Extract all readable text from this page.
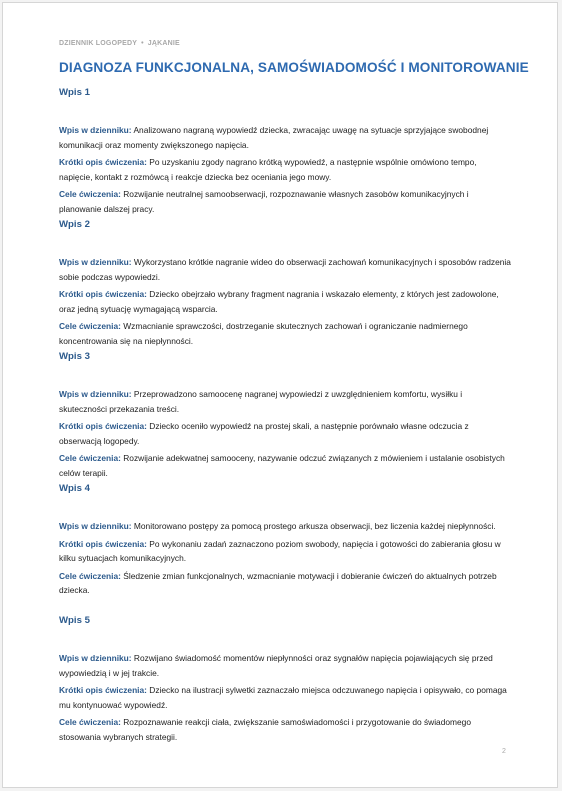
DZIENNIK LOGOPEDY • JĄKANIE
DIAGNOZA FUNKCJONALNA, SAMOŚWIADOMOŚĆ I MONITOROWANIE
Wpis 1

Wpis w dzienniku: Analizowano nagraną wypowiedź dziecka, zwracając uwagę na sytuacje sprzyjające swobodnej komunikacji oraz momenty zwiększonego napięcia.

Krótki opis ćwiczenia: Po uzyskaniu zgody nagrano krótką wypowiedź, a następnie wspólnie omówiono tempo, napięcie, kontakt z rozmówcą i reakcje dziecka bez oceniania jego mowy.

Cele ćwiczenia: Rozwijanie neutralnej samoobserwacji, rozpoznawanie własnych zasobów komunikacyjnych i planowanie dalszej pracy.

Wpis 2

Wpis w dzienniku: Wykorzystano krótkie nagranie wideo do obserwacji zachowań komunikacyjnych i sposobów radzenia sobie podczas wypowiedzi.

Krótki opis ćwiczenia: Dziecko obejrzało wybrany fragment nagrania i wskazało elementy, z których jest zadowolone, oraz jedną sytuację wymagającą wsparcia.

Cele ćwiczenia: Wzmacnianie sprawczości, dostrzeganie skutecznych zachowań i ograniczanie nadmiernego koncentrowania się na niepłynności.

Wpis 3

Wpis w dzienniku: Przeprowadzono samoocenę nagranej wypowiedzi z uwzględnieniem komfortu, wysiłku i skuteczności przekazania treści.

Krótki opis ćwiczenia: Dziecko oceniło wypowiedź na prostej skali, a następnie porównało własne odczucia z obserwacją logopedy.

Cele ćwiczenia: Rozwijanie adekwatnej samooceny, nazywanie odczuć związanych z mówieniem i ustalanie osobistych celów terapii.

Wpis 4

Wpis w dzienniku: Monitorowano postępy za pomocą prostego arkusza obserwacji, bez liczenia każdej niepłynności.

Krótki opis ćwiczenia: Po wykonaniu zadań zaznaczono poziom swobody, napięcia i gotowości do zabierania głosu w kilku sytuacjach komunikacyjnych.

Cele ćwiczenia: Śledzenie zmian funkcjonalnych, wzmacnianie motywacji i dobieranie ćwiczeń do aktualnych potrzeb dziecka.

Wpis 5

Wpis w dzienniku: Rozwijano świadomość momentów niepłynności oraz sygnałów napięcia pojawiających się przed wypowiedzią i w jej trakcie.

Krótki opis ćwiczenia: Dziecko na ilustracji sylwetki zaznaczało miejsca odczuwanego napięcia i opisywało, co pomaga mu kontynuować wypowiedź.

Cele ćwiczenia: Rozpoznawanie reakcji ciała, zwiększanie samoświadomości i przygotowanie do świadomego stosowania wybranych strategii.

2
